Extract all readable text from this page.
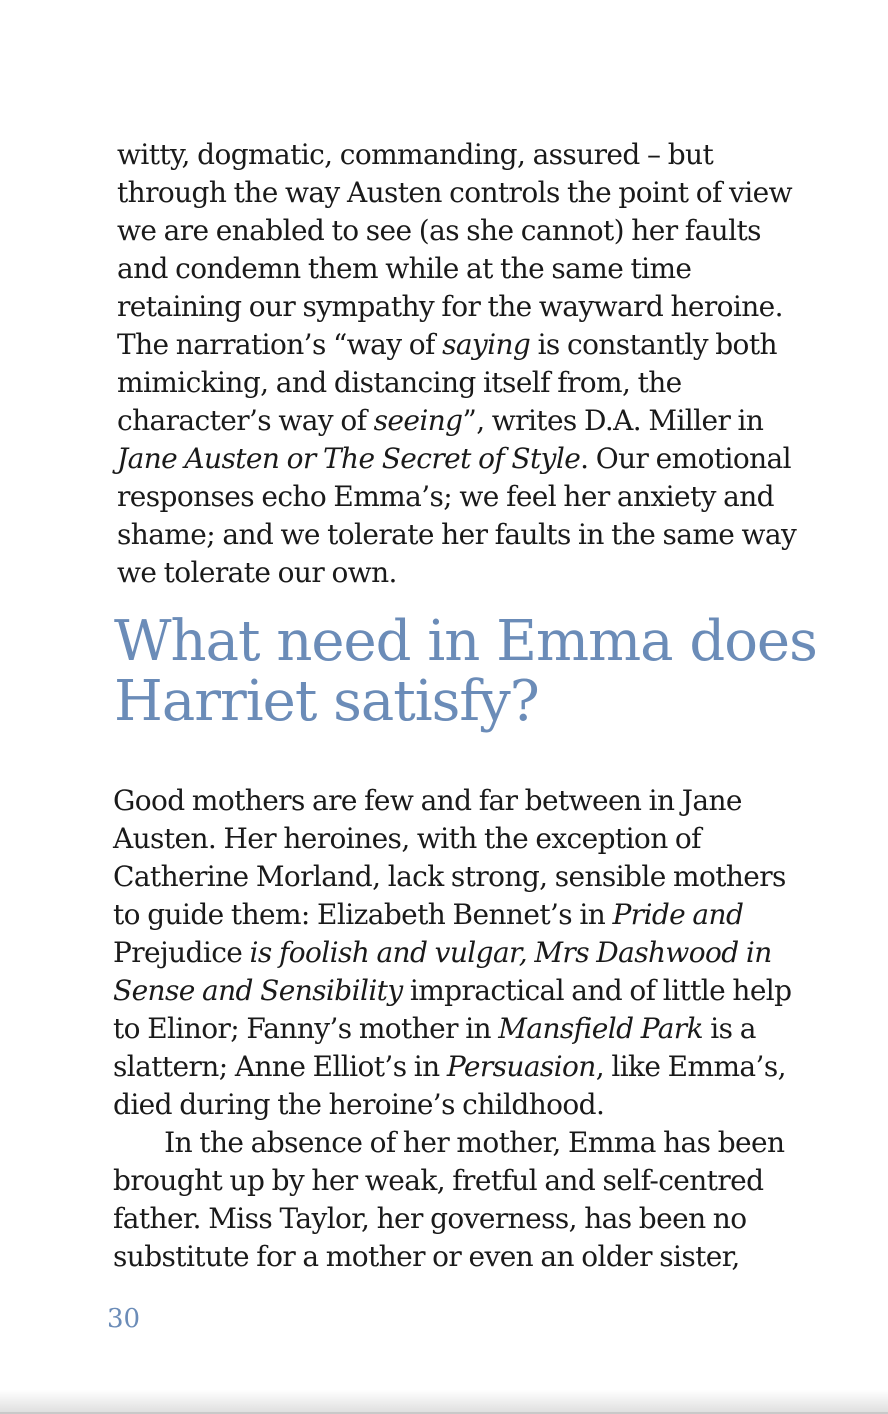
witty, dogmatic, commanding, assured – but
through the way Austen controls the point of view
we are enabled to see (as she cannot) her faults
and condemn them while at the same time
retaining our sympathy for the wayward heroine.
The narration’s “way of saying is constantly both
mimicking, and distancing itself from, the
character’s way of seeing”, writes D.A. Miller in
Jane Austen or The Secret of Style. Our emotional
responses echo Emma’s; we feel her anxiety and
shame; and we tolerate her faults in the same way
we tolerate our own.
What need in Emma does
Harriet satisfy?
Good mothers are few and far between in Jane
Austen. Her heroines, with the exception of
Catherine Morland, lack strong, sensible mothers
to guide them: Elizabeth Bennet’s in Pride and
Prejudice is foolish and vulgar, Mrs Dashwood in
Sense and Sensibility impractical and of little help
to Elinor; Fanny’s mother in Mansfield Park is a
slattern; Anne Elliot’s in Persuasion, like Emma’s,
died during the heroine’s childhood.
In the absence of her mother, Emma has been
brought up by her weak, fretful and self-centred
father. Miss Taylor, her governess, has been no
substitute for a mother or even an older sister,
30
